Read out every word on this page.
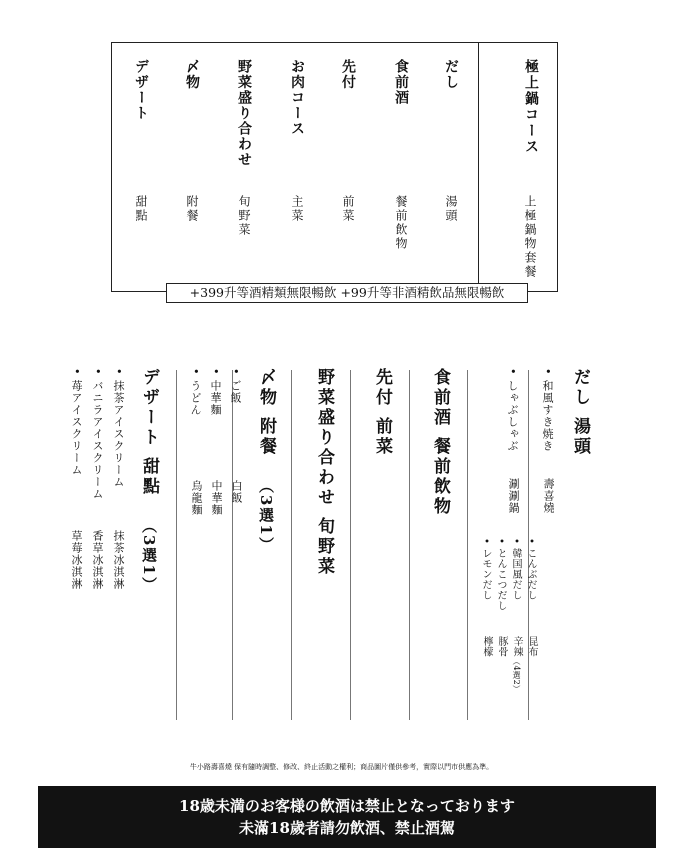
極上鍋コース
上極鍋物套餐
だし
湯頭
食前酒
餐前飲物
先付
前菜
お肉コース
主菜
野菜盛り合わせ
旬野菜
〆物
附餐
デザート
甜點
+399升等酒精類無限暢飲 +99升等非酒精飲品無限暢飲
だし 湯頭
• 和風すき焼き
壽喜燒
• しゃぶしゃぶ
涮涮鍋
• こんぶだし
昆布
• 韓国風だし
辛辣（4選2）
• とんこつだし
豚骨
• レモンだし
檸檬
食前酒 餐前飲物
先付 前菜
野菜盛り合わせ 旬野菜
〆物 附餐
（3選1）
• ご飯
白飯
• 中華麵
中華麵
• うどん
烏龍麵
デザート 甜點
（3選1）
• 抹茶アイスクリーム
抹茶冰淇淋
• バニラアイスクリーム
香草冰淇淋
• 苺アイスクリーム
草莓冰淇淋
牛小路壽喜燒 保有隨時調整、修改、終止活動之權利；商品圖片僅供參考，實際以門市供應為準。
18歳未満のお客様の飲酒は禁止となっております
未滿18歲者請勿飲酒、禁止酒駕
